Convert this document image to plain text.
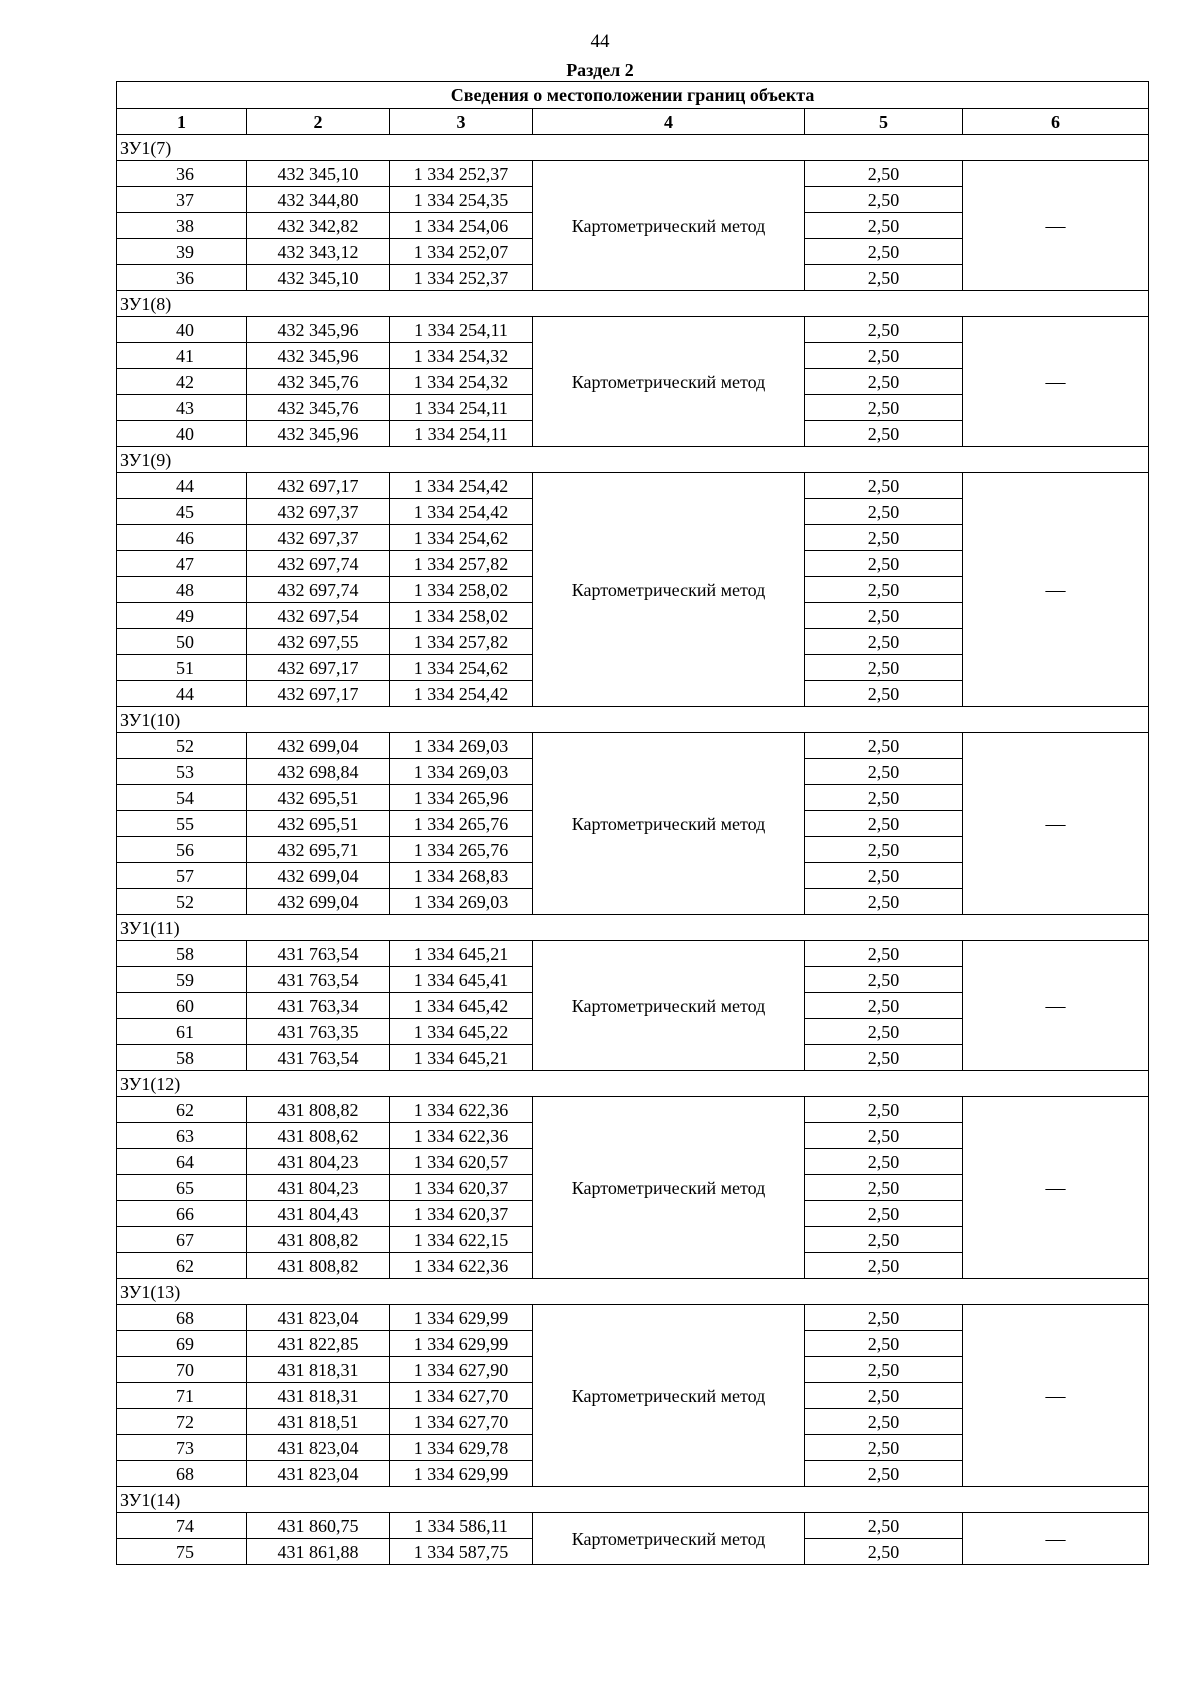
44
Раздел 2
Сведения о местоположении границ объекта					
1	2	3	4	5	6
ЗУ1(7)					
36	432 345,10	1 334 252,37	Картометрический метод	2,50	—
37	432 344,80	1 334 254,35		2,50	
38	432 342,82	1 334 254,06		2,50	
39	432 343,12	1 334 252,07		2,50	
36	432 345,10	1 334 252,37		2,50	
ЗУ1(8)					
40	432 345,96	1 334 254,11	Картометрический метод	2,50	—
41	432 345,96	1 334 254,32		2,50	
42	432 345,76	1 334 254,32		2,50	
43	432 345,76	1 334 254,11		2,50	
40	432 345,96	1 334 254,11		2,50	
ЗУ1(9)					
44	432 697,17	1 334 254,42	Картометрический метод	2,50	—
45	432 697,37	1 334 254,42		2,50	
46	432 697,37	1 334 254,62		2,50	
47	432 697,74	1 334 257,82		2,50	
48	432 697,74	1 334 258,02		2,50	
49	432 697,54	1 334 258,02		2,50	
50	432 697,55	1 334 257,82		2,50	
51	432 697,17	1 334 254,62		2,50	
44	432 697,17	1 334 254,42		2,50	
ЗУ1(10)					
52	432 699,04	1 334 269,03	Картометрический метод	2,50	—
53	432 698,84	1 334 269,03		2,50	
54	432 695,51	1 334 265,96		2,50	
55	432 695,51	1 334 265,76		2,50	
56	432 695,71	1 334 265,76		2,50	
57	432 699,04	1 334 268,83		2,50	
52	432 699,04	1 334 269,03		2,50	
ЗУ1(11)					
58	431 763,54	1 334 645,21	Картометрический метод	2,50	—
59	431 763,54	1 334 645,41		2,50	
60	431 763,34	1 334 645,42		2,50	
61	431 763,35	1 334 645,22		2,50	
58	431 763,54	1 334 645,21		2,50	
ЗУ1(12)					
62	431 808,82	1 334 622,36	Картометрический метод	2,50	—
63	431 808,62	1 334 622,36		2,50	
64	431 804,23	1 334 620,57		2,50	
65	431 804,23	1 334 620,37		2,50	
66	431 804,43	1 334 620,37		2,50	
67	431 808,82	1 334 622,15		2,50	
62	431 808,82	1 334 622,36		2,50	
ЗУ1(13)					
68	431 823,04	1 334 629,99	Картометрический метод	2,50	—
69	431 822,85	1 334 629,99		2,50	
70	431 818,31	1 334 627,90		2,50	
71	431 818,31	1 334 627,70		2,50	
72	431 818,51	1 334 627,70		2,50	
73	431 823,04	1 334 629,78		2,50	
68	431 823,04	1 334 629,99		2,50	
ЗУ1(14)					
74	431 860,75	1 334 586,11	Картометрический метод	2,50	—
75	431 861,88	1 334 587,75		2,50	
